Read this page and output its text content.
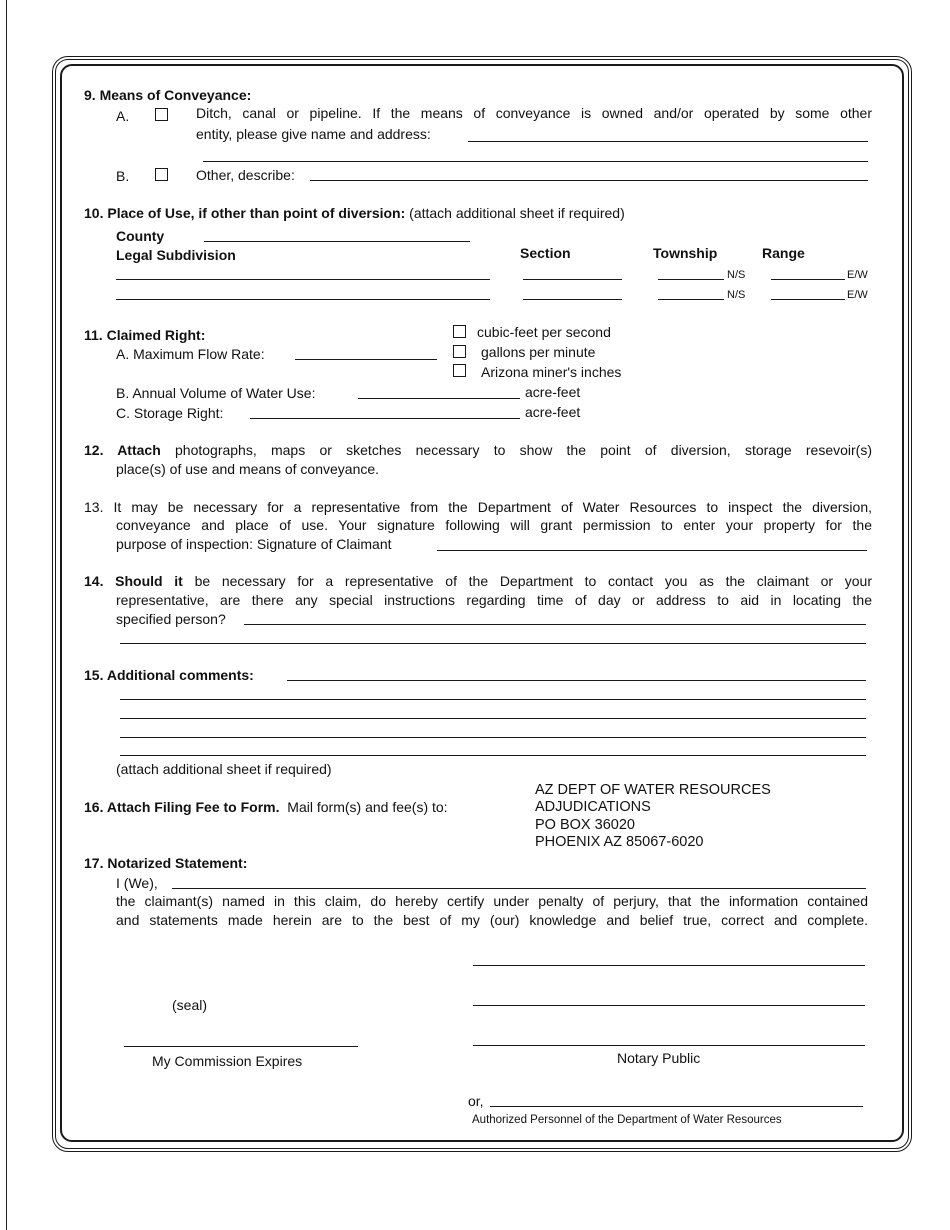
9. Means of Conveyance:
A.	Ditch, canal or pipeline. If the means of conveyance is owned and/or operated by some other
entity, please give name and address:
B.	Other, describe:
10. Place of Use, if other than point of diversion: (attach additional sheet if required)
County
Legal Subdivision	Section	Township	Range
N/S	E/W
N/S	E/W
11. Claimed Right:	cubic-feet per second
A. Maximum Flow Rate:	gallons per minute
Arizona miner's inches
B. Annual Volume of Water Use:	acre-feet
C. Storage Right:	acre-feet
12. Attach photographs, maps or sketches necessary to show the point of diversion, storage resevoir(s)
place(s) of use and means of conveyance.
13. It may be necessary for a representative from the Department of Water Resources to inspect the diversion,
conveyance and place of use. Your signature following will grant permission to enter your property for the
purpose of inspection: Signature of Claimant
14. Should it be necessary for a representative of the Department to contact you as the claimant or your
representative, are there any special instructions regarding time of day or address to aid in locating the
specified person?
15. Additional comments:
(attach additional sheet if required)
16. Attach Filing Fee to Form. Mail form(s) and fee(s) to:
AZ DEPT OF WATER RESOURCES
ADJUDICATIONS
PO BOX 36020
PHOENIX AZ 85067-6020
17. Notarized Statement:
I (We),
the claimant(s) named in this claim, do hereby certify under penalty of perjury, that the information contained
and statements made herein are to the best of my (our) knowledge and belief true, correct and complete.
(seal)
My Commission Expires	Notary Public
or,
Authorized Personnel of the Department of Water Resources
